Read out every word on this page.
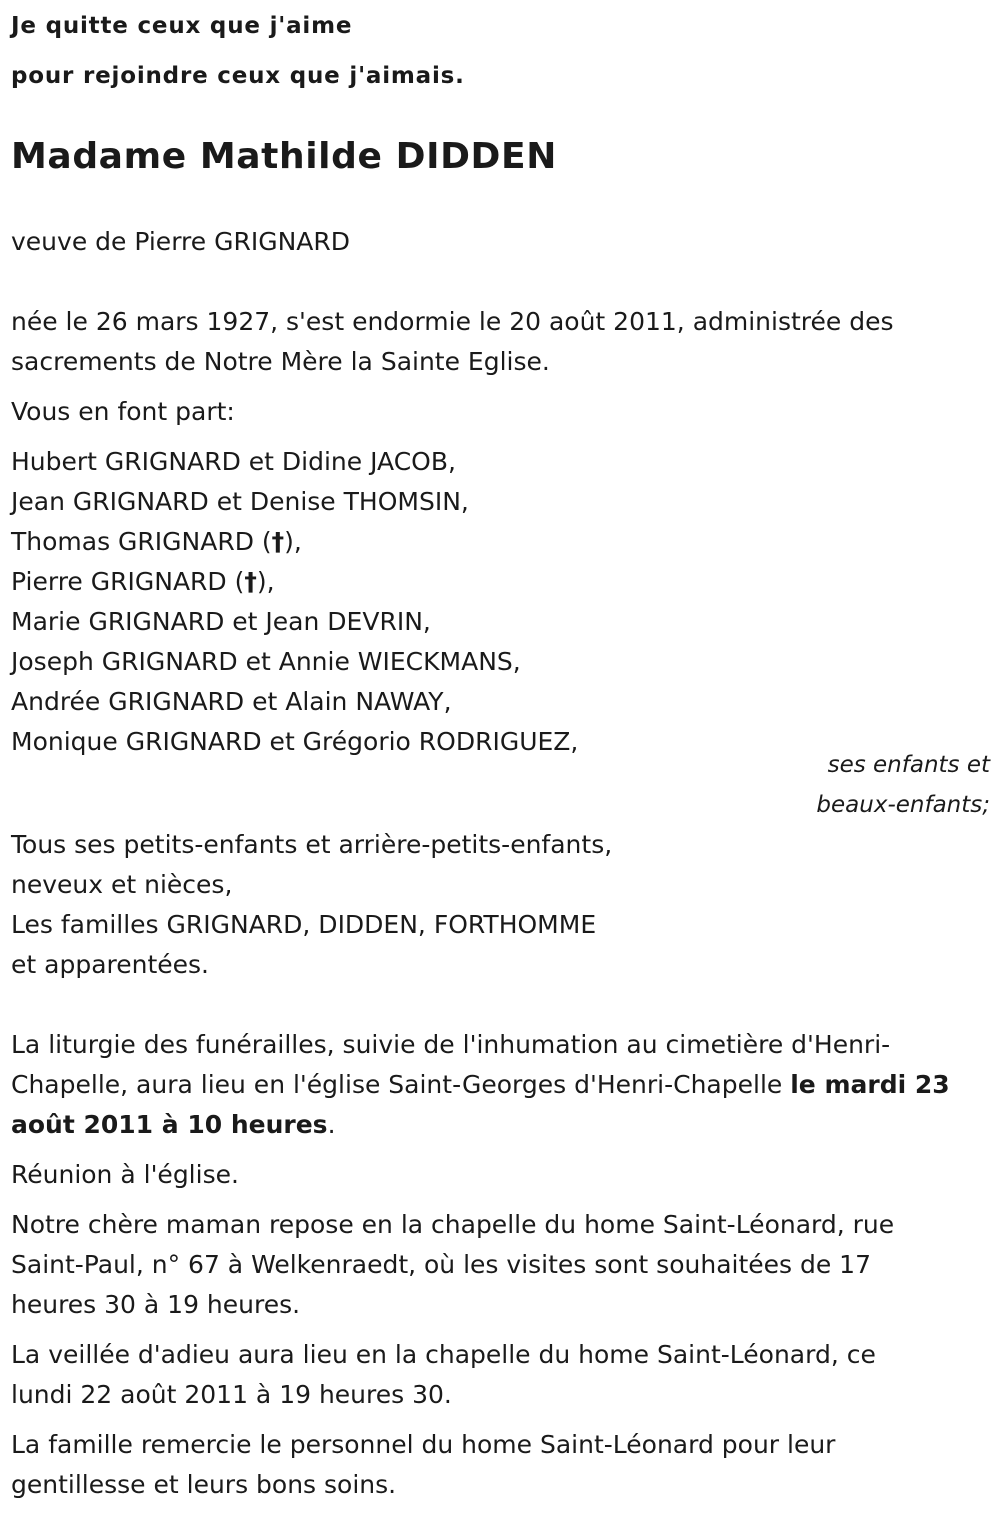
Je quitte ceux que j'aime

pour rejoindre ceux que j'aimais.

Madame Mathilde DIDDEN

veuve de Pierre GRIGNARD

née le 26 mars 1927, s'est endormie le 20 août 2011, administrée des

sacrements de Notre Mère la Sainte Eglise.

Vous en font part:

Hubert GRIGNARD et Didine JACOB,

Jean GRIGNARD et Denise THOMSIN,

Thomas GRIGNARD (†),

Pierre GRIGNARD (†),

Marie GRIGNARD et Jean DEVRIN,

Joseph GRIGNARD et Annie WIECKMANS,

Andrée GRIGNARD et Alain NAWAY,

Monique GRIGNARD et Grégorio RODRIGUEZ,

ses enfants et

beaux-enfants;

Tous ses petits-enfants et arrière-petits-enfants,

neveux et nièces,

Les familles GRIGNARD, DIDDEN, FORTHOMME

et apparentées.

La liturgie des funérailles, suivie de l'inhumation au cimetière d'Henri-

Chapelle, aura lieu en l'église Saint-Georges d'Henri-Chapelle le mardi 23

août 2011 à 10 heures.

Réunion à l'église.

Notre chère maman repose en la chapelle du home Saint-Léonard, rue

Saint-Paul, n° 67 à Welkenraedt, où les visites sont souhaitées de 17

heures 30 à 19 heures.

La veillée d'adieu aura lieu en la chapelle du home Saint-Léonard, ce

lundi 22 août 2011 à 19 heures 30.

La famille remercie le personnel du home Saint-Léonard pour leur

gentillesse et leurs bons soins.
